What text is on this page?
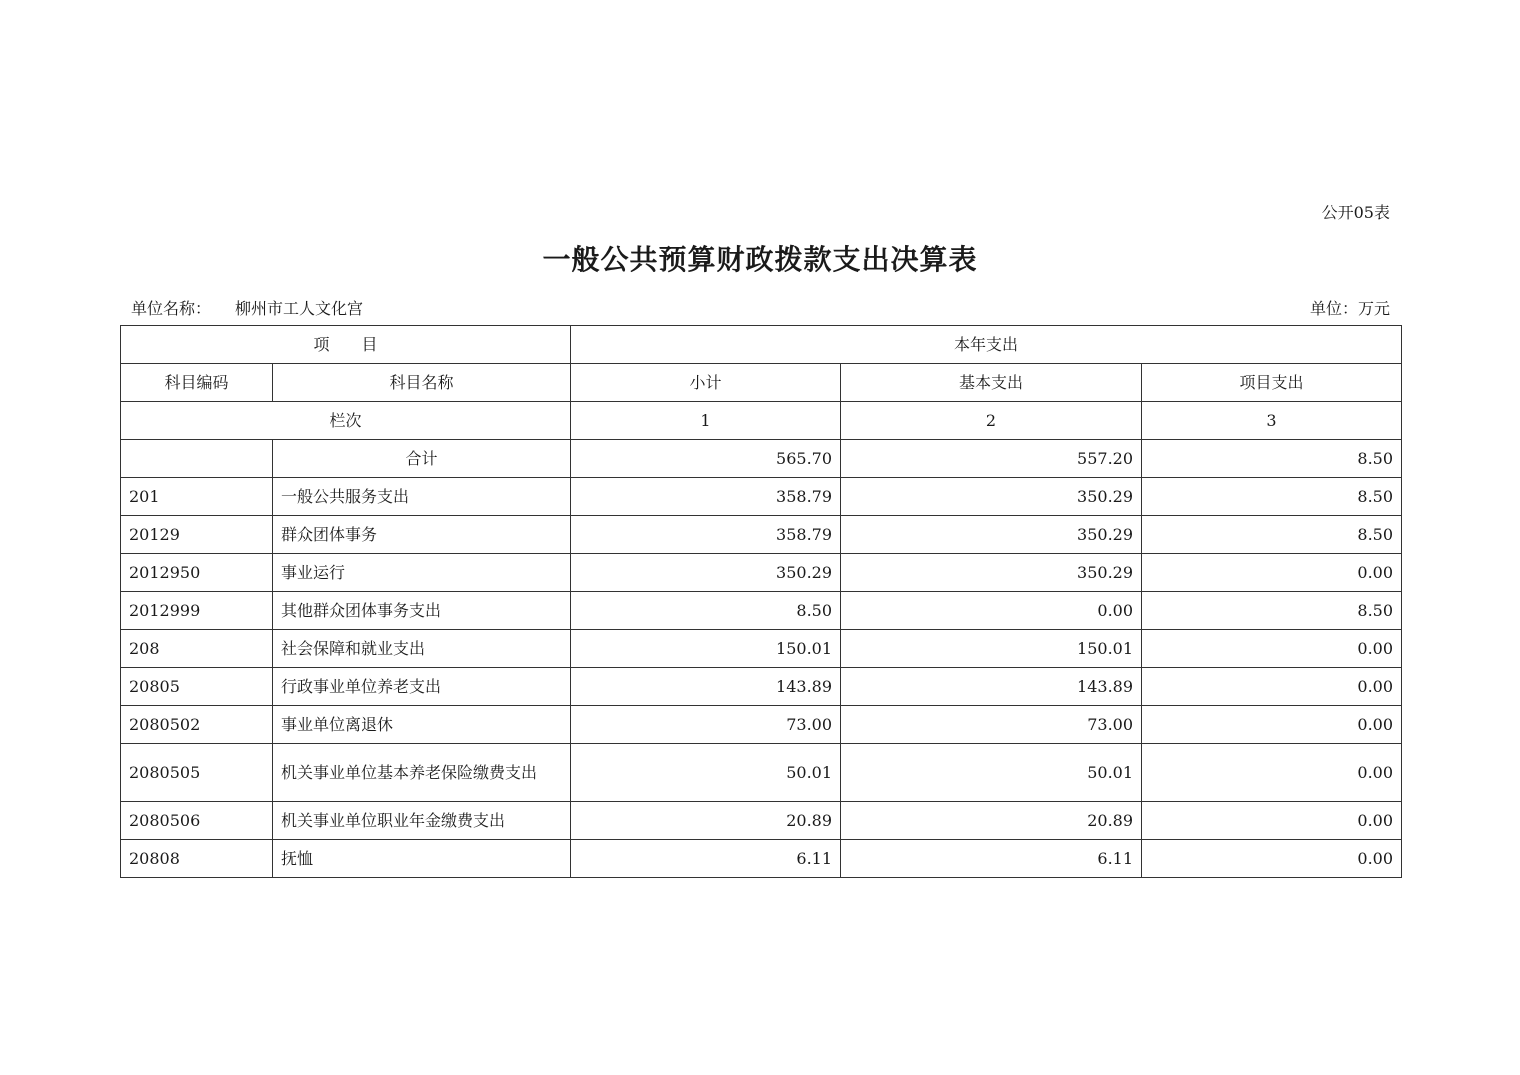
公开05表
一般公共预算财政拨款支出决算表
单位名称： 柳州市工人文化宫	单位：万元
项　　目		本年支出		
科目编码	科目名称	小计	基本支出	项目支出
栏次		1	2	3
	合计	565.70	557.20	8.50
201	一般公共服务支出	358.79	350.29	8.50
20129	群众团体事务	358.79	350.29	8.50
2012950	事业运行	350.29	350.29	0.00
2012999	其他群众团体事务支出	8.50	0.00	8.50
208	社会保障和就业支出	150.01	150.01	0.00
20805	行政事业单位养老支出	143.89	143.89	0.00
2080502	事业单位离退休	73.00	73.00	0.00
2080505	机关事业单位基本养老保险缴费支出	50.01	50.01	0.00
2080506	机关事业单位职业年金缴费支出	20.89	20.89	0.00
20808	抚恤	6.11	6.11	0.00
